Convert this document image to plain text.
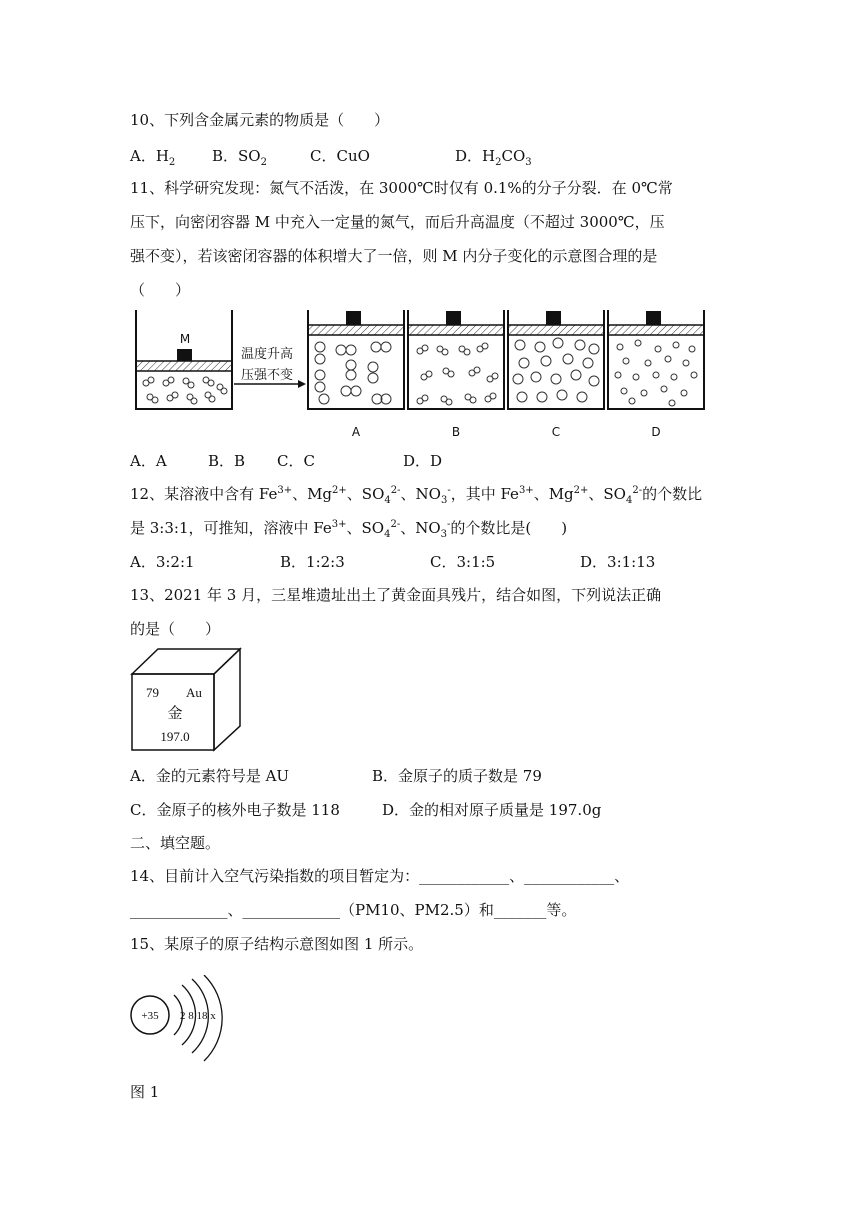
10、下列含金属元素的物质是（　　）
A．$H_2$ B．$SO_2$	C．CuO	D．$H_2CO_3$
11、科学研究发现：氮气不活泼，在 3000℃时仅有 0.1%的分子分裂．在 0℃常
压下，向密闭容器 M 中充入一定量的氮气，而后升高温度（不超过 3000℃，压
强不变），若该密闭容器的体积增大了一倍，则 M 内分子变化的示意图合理的是
（　　）
M
温度升高
压强不变
A	B	C	D
A．A	B．B C．C	D．D
12、某溶液中含有 $Fe^{3+}$、$Mg^{2+}$、$SO_4^{2-}$、$NO_3^-$，其中 $Fe^{3+}$、$Mg^{2+}$、$SO_4^{2-}$的个数比
是 3:3:1，可推知，溶液中 $Fe^{3+}$、$SO_4^{2-}$、$NO_3^-$的个数比是(　　)
A．3:2:1	B．1:2:3	C．3:1:5	D．3:1:13
13、2021 年 3 月，三星堆遗址出土了黄金面具残片，结合如图，下列说法正确
的是（　　）
79 Au
金
197.0
A．金的元素符号是 AU	B．金原子的质子数是 79
C．金原子的核外电子数是 118	D．金的相对原子质量是 197.0g
二、填空题。
14、目前计入空气污染指数的项目暂定为：____________、____________、
_____________、_____________（PM10、PM2.5）和_______等。
15、某原子的原子结构示意图如图 1 所示。
+35 2 8 18 x
图 1
